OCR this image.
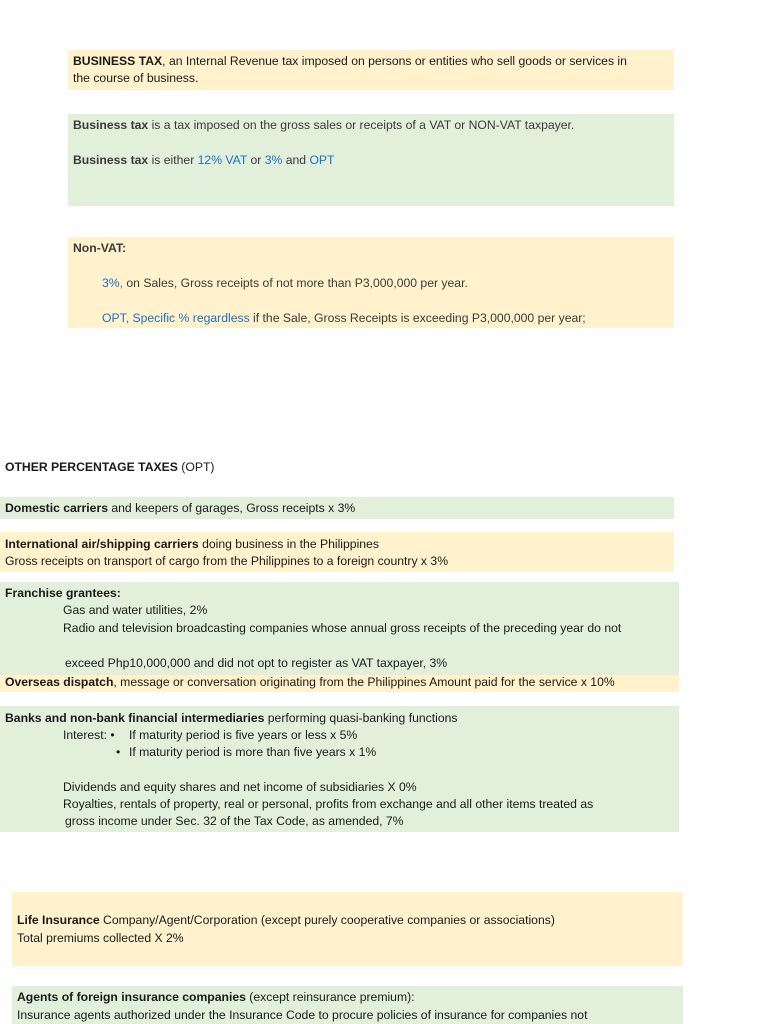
BUSINESS TAX, an Internal Revenue tax imposed on persons or entities who sell goods or services in
the course of business.
Business tax is a tax imposed on the gross sales or receipts of a VAT or NON-VAT taxpayer.
Business tax is either 12% VAT or 3% and OPT
Non-VAT:
3%, on Sales, Gross receipts of not more than P3,000,000 per year.
OPT, Specific % regardless if the Sale, Gross Receipts is exceeding P3,000,000 per year;
OTHER PERCENTAGE TAXES (OPT)
Domestic carriers and keepers of garages, Gross receipts x 3%
International air/shipping carriers doing business in the Philippines
Gross receipts on transport of cargo from the Philippines to a foreign country x 3%
Franchise grantees:
Gas and water utilities, 2%
Radio and television broadcasting companies whose annual gross receipts of the preceding year do not
exceed Php10,000,000 and did not opt to register as VAT taxpayer, 3%
Overseas dispatch, message or conversation originating from the Philippines Amount paid for the service x 10%
Banks and non-bank financial intermediaries performing quasi-banking functions
Interest: • If maturity period is five years or less x 5%
• If maturity period is more than five years x 1%
Dividends and equity shares and net income of subsidiaries X 0%
Royalties, rentals of property, real or personal, profits from exchange and all other items treated as
gross income under Sec. 32 of the Tax Code, as amended, 7%
Life Insurance Company/Agent/Corporation (except purely cooperative companies or associations)
Total premiums collected X 2%
Agents of foreign insurance companies (except reinsurance premium):
Insurance agents authorized under the Insurance Code to procure policies of insurance for companies not
